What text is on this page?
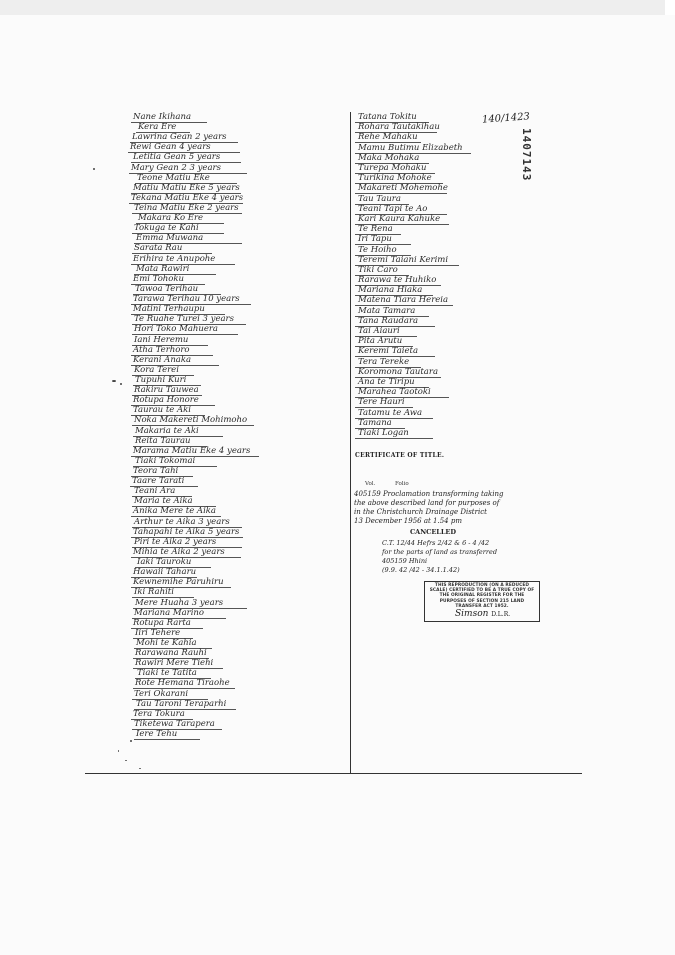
Nane Ikihana
Kera Ere
Lawrina Gean 2 years
Rewi Gean 4 years
Letitia Gean 5 years
Mary Gean 2 3 years
Teone Matiu Eke
Matiu Matiu Eke 5 years
Tekana Matiu Eke 4 years
Teina Matiu Eke 2 years
Makara Ko Ere
Tokuga te Kahi
Emma Muwana
Sarata Rau
Erihira te Anupohe
Mata Rawiri
Emi Tohoku
Tawoa Terihau
Tarawa Terihau 10 years
Matini Terhaupu
Te Ruahe Turei 3 years
Hori Toko Mahuera
Iani Heremu
Atha Terhoro
Kerani Anaka
Kora Terei
Tupuhi Kuri
Rakiru Tauwea
Rotupa Honore
Taurau te Aki
Noka Makereti Mohimoho
Makaria te Aki
Reita Taurau
Marama Matiu Eke 4 years
Tiaki Tokomai
Teora Tahi
Taare Tarati
Teani Ara
Maria te Aika
Anika Mere te Aika
Arthur te Aika 3 years
Tahapahi te Aika 5 years
Piri te Aika 2 years
Mihia te Aika 2 years
Iaki Tauroku
Hawaii Taharu
Kewnemihe Paruhiru
Iki Rahiti
Mere Huaha 3 years
Mariana Marino
Rotupa Rarta
Iiri Tehere
Mohi te Kahia
Rarawana Rauhi
Rawiri Mere Tiehi
Tiaki te Tatita
Rote Hemana Tiraohe
Teri Okarani
Tau Taroni Teraparhi
Tera Tokura
Tiketewa Tarapera
Iere Tehu
Tatana Tokitu
Rohara Tautakihau
Rehe Mahaku
Mamu Butimu Elizabeth
Maka Mohaka
Turepa Mohaku
Turikina Mohoke
Makareti Mohemohe
Tau Taura
Teani Tapi te Ao
Kari Kaura Kahuke
Te Rena
Iri Tapu
Te Hoiho
Teremi Taiani Kerimi
Tiki Caro
Rarawa te Huhiko
Mariana Hiaka
Matena Tiara Hereia
Mata Tamara
Tana Raudara
Tai Aiauri
Pita Arutu
Keremi Taieta
Tera Tereke
Koromona Tautara
Ana te Tiripu
Marahea Taotoki
Tere Hauri
Tatamu te Awa
Tamana
Tiaki Logan
140/1423
1407143
CERTIFICATE OF TITLE.
Vol.	Folio
405159 Proclamation transforming taking
the above described land for purposes of
in the Christchurch Drainage District
13 December 1956 at 1.54 pm
CANCELLED
C.T. 12/44 Hefrs 2/42 & 6 - 4 /42
for the parts of land as transferred
405159 Hhini
(9.9. 42 /42 - 34.1.1.42)
THIS REPRODUCTION (ON A REDUCED SCALE) CERTIFIED TO BE A TRUE COPY OF THE ORIGINAL REGISTER FOR THE PURPOSES OF SECTION 215 LAND TRANSFER ACT 1952.
Simson D.L.R.
